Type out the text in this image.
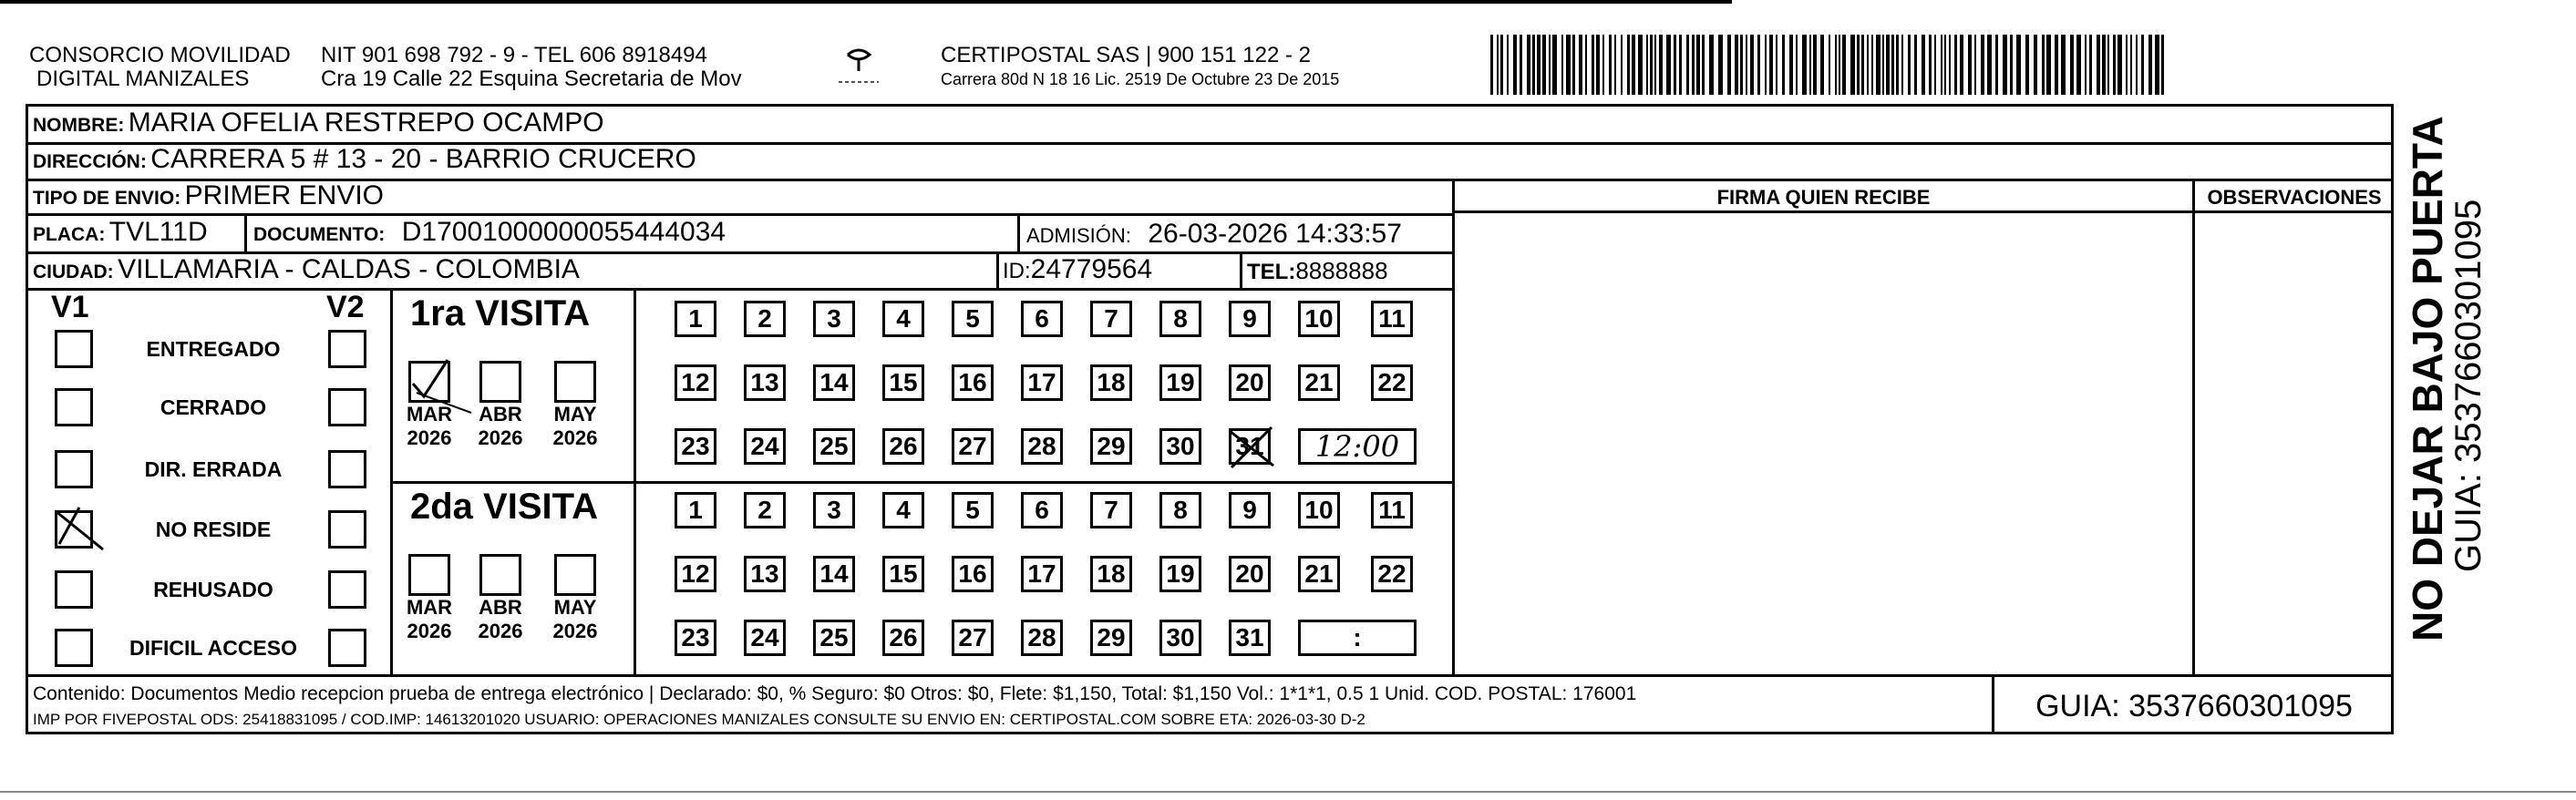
CONSORCIO MOVILIDAD
DIGITAL MANIZALES
NIT 901 698 792 - 9 - TEL 606 8918494
Cra 19 Calle 22 Esquina Secretaria de Mov
CERTIPOSTAL SAS | 900 151 122 - 2
Carrera 80d N 18 16 Lic. 2519 De Octubre 23 De 2015
NOMBRE: MARIA OFELIA RESTREPO OCAMPO
DIRECCIÓN: CARRERA 5 # 13 - 20 - BARRIO CRUCERO
TIPO DE ENVIO: PRIMER ENVIO	FIRMA QUIEN RECIBE	OBSERVACIONES
PLACA: TVL11D DOCUMENTO: D17001000000055444034	ADMISIÓN: 26-03-2026 14:33:57
CIUDAD: VILLAMARIA - CALDAS - COLOMBIA	ID:24779564	TEL:8888888
V1	V2
ENTREGADO
CERRADO
DIR. ERRADA
NO RESIDE
REHUSADO
DIFICIL ACCESO
1ra VISITA
2da VISITA
MAR
2026
ABR
2026
MAY
2026
1	2	3	4	5	6	7	8	9	10 11
12 13 14 15 16 17 18 19 20 21 22
23 24 25 26 27 28 29 30 31	12:00
MAR
2026
ABR
2026
MAY
2026
1	2	3	4	5	6	7	8	9	10 11
12 13 14 15 16 17 18 19 20 21 22
23 24 25 26 27 28 29 30 31	:
Contenido: Documentos Medio recepcion prueba de entrega electrónico | Declarado: $0, % Seguro: $0 Otros: $0, Flete: $1,150, Total: $1,150 Vol.: 1*1*1, 0.5 1 Unid. COD. POSTAL: 176001
IMP POR FIVEPOSTAL ODS: 25418831095 / COD.IMP: 14613201020 USUARIO: OPERACIONES MANIZALES CONSULTE SU ENVIO EN: CERTIPOSTAL.COM SOBRE ETA: 2026-03-30 D-2	GUIA: 3537660301095
NO DEJAR BAJO PUERTA
GUIA: 3537660301095
